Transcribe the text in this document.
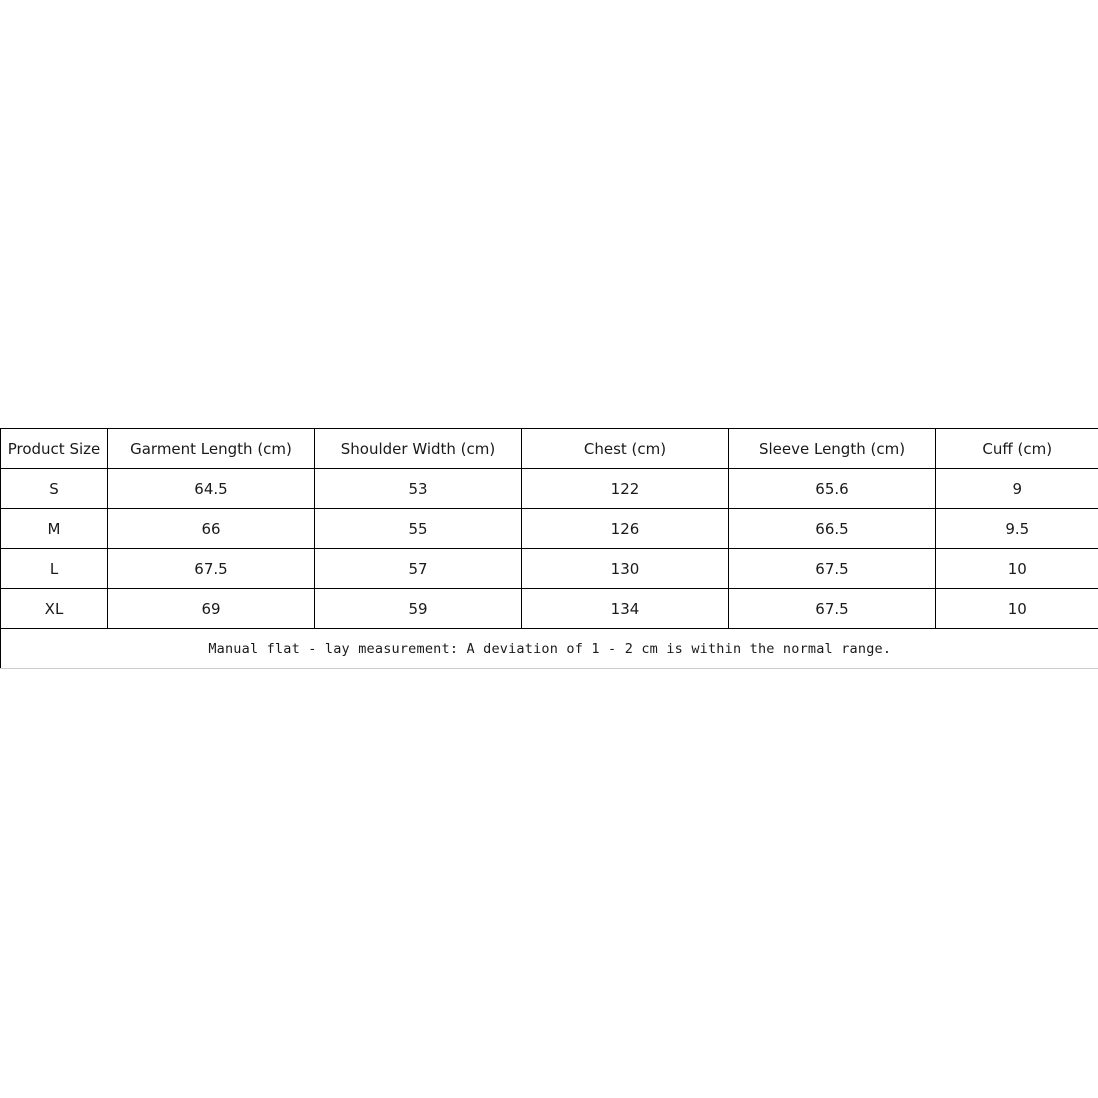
Product Size	Garment Length (cm)	Shoulder Width (cm)	Chest (cm)	Sleeve Length (cm)	Cuff (cm)
S	64.5	53	122	65.6	9
M	66	55	126	66.5	9.5
L	67.5	57	130	67.5	10
XL	69	59	134	67.5	10
Manual flat - lay measurement: A deviation of 1 - 2 cm is within the normal range.					
